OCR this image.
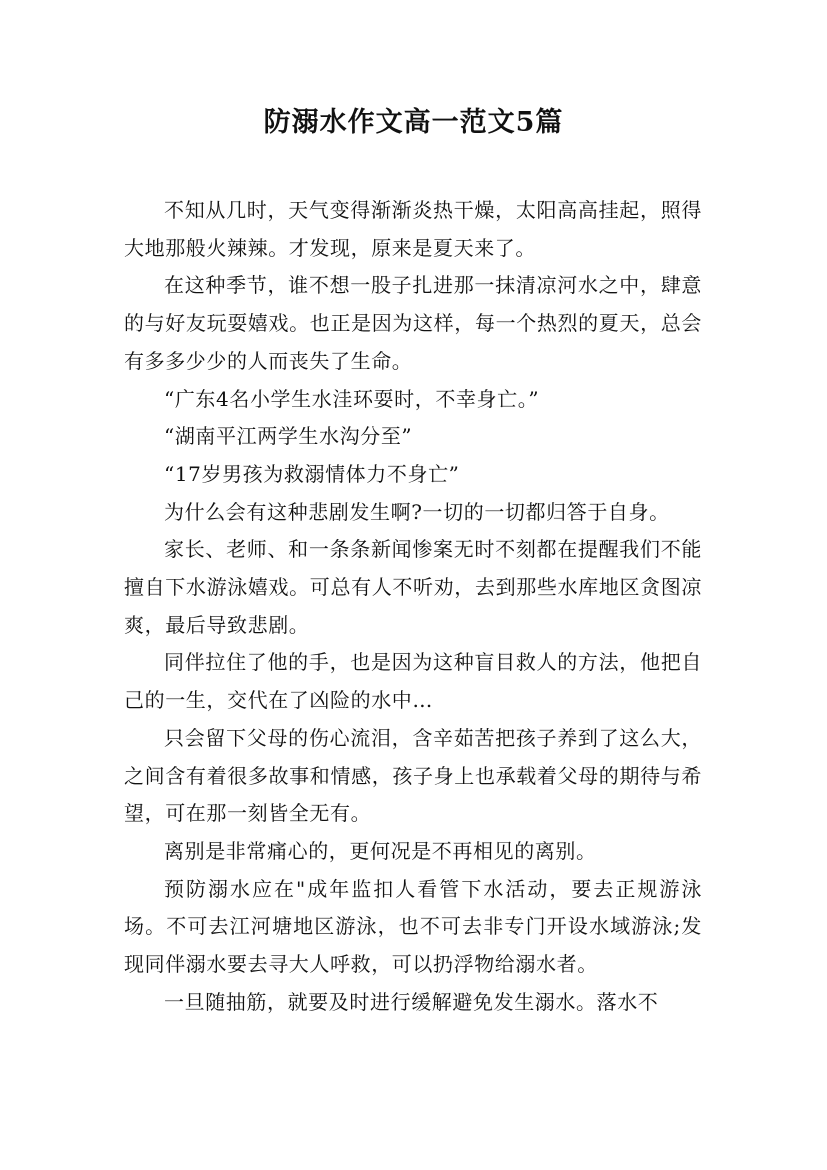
防溺水作文高一范文5篇

不知从几时，天气变得渐渐炎热干燥，太阳高高挂起，照得大地那般火辣辣。才发现，原来是夏天来了。

在这种季节，谁不想一股子扎进那一抹清凉河水之中，肆意的与好友玩耍嬉戏。也正是因为这样，每一个热烈的夏天，总会有多多少少的人而丧失了生命。

“广东4名小学生水洼环耍时，不幸身亡。”

“湖南平江两学生水沟分至”

“17岁男孩为救溺情体力不身亡”

为什么会有这种悲剧发生啊?一切的一切都归答于自身。

家长、老师、和一条条新闻惨案无时不刻都在提醒我们不能擅自下水游泳嬉戏。可总有人不听劝，去到那些水库地区贪图凉爽，最后导致悲剧。

同伴拉住了他的手，也是因为这种盲目救人的方法，他把自己的一生，交代在了凶险的水中…

只会留下父母的伤心流泪，含辛茹苦把孩子养到了这么大，之间含有着很多故事和情感，孩子身上也承载着父母的期待与希望，可在那一刻皆全无有。

离别是非常痛心的，更何况是不再相见的离别。

预防溺水应在"成年监扣人看管下水活动，要去正规游泳场。不可去江河塘地区游泳，也不可去非专门开设水域游泳;发现同伴溺水要去寻大人呼救，可以扔浮物给溺水者。

一旦随抽筋，就要及时进行缓解避免发生溺水。落水不
